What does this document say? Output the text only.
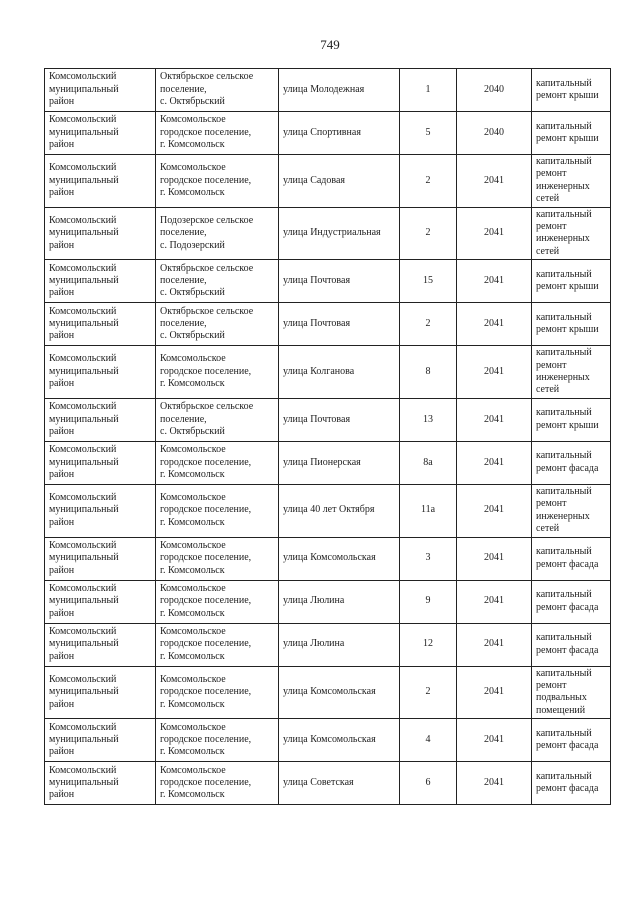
749
Комсомольский
муниципальный
район	Октябрьское сельское
поселение,
с. Октябрьский	улица Молодежная	1	2040	капитальный
ремонт крыши

Комсомольский
муниципальный
район	Комсомольское
городское поселение,
г. Комсомольск	улица Спортивная	5	2040	капитальный
ремонт крыши

Комсомольский
муниципальный
район	Комсомольское
городское поселение,
г. Комсомольск	улица Садовая	2	2041	капитальный
ремонт
инженерных
сетей

Комсомольский
муниципальный
район	Подозерское сельское
поселение,
с. Подозерский	улица Индустриальная	2	2041	капитальный
ремонт
инженерных
сетей

Комсомольский
муниципальный
район	Октябрьское сельское
поселение,
с. Октябрьский	улица Почтовая	15	2041	капитальный
ремонт крыши

Комсомольский
муниципальный
район	Октябрьское сельское
поселение,
с. Октябрьский	улица Почтовая	2	2041	капитальный
ремонт крыши

Комсомольский
муниципальный
район	Комсомольское
городское поселение,
г. Комсомольск	улица Колганова	8	2041	капитальный
ремонт
инженерных
сетей

Комсомольский
муниципальный
район	Октябрьское сельское
поселение,
с. Октябрьский	улица Почтовая	13	2041	капитальный
ремонт крыши

Комсомольский
муниципальный
район	Комсомольское
городское поселение,
г. Комсомольск	улица Пионерская	8а	2041	капитальный
ремонт фасада

Комсомольский
муниципальный
район	Комсомольское
городское поселение,
г. Комсомольск	улица 40 лет Октября	11а	2041	капитальный
ремонт
инженерных
сетей

Комсомольский
муниципальный
район	Комсомольское
городское поселение,
г. Комсомольск	улица Комсомольская	3	2041	капитальный
ремонт фасада

Комсомольский
муниципальный
район	Комсомольское
городское поселение,
г. Комсомольск	улица Люлина	9	2041	капитальный
ремонт фасада

Комсомольский
муниципальный
район	Комсомольское
городское поселение,
г. Комсомольск	улица Люлина	12	2041	капитальный
ремонт фасада

Комсомольский
муниципальный
район	Комсомольское
городское поселение,
г. Комсомольск	улица Комсомольская	2	2041	капитальный
ремонт
подвальных
помещений

Комсомольский
муниципальный
район	Комсомольское
городское поселение,
г. Комсомольск	улица Комсомольская	4	2041	капитальный
ремонт фасада

Комсомольский
муниципальный
район	Комсомольское
городское поселение,
г. Комсомольск	улица Советская	6	2041	капитальный
ремонт фасада
